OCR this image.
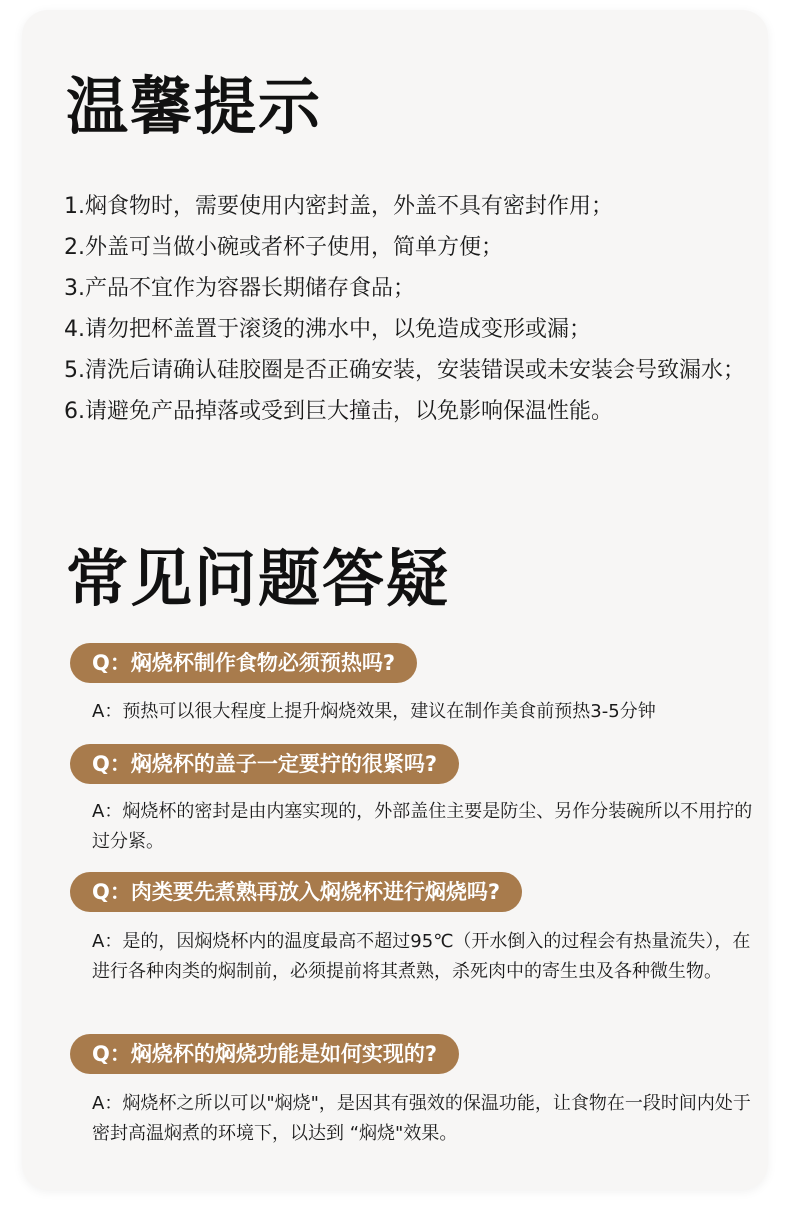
温馨提示
1.焖食物时，需要使用内密封盖，外盖不具有密封作用；
2.外盖可当做小碗或者杯子使用，简单方便；
3.产品不宜作为容器长期储存食品；
4.请勿把杯盖置于滚烫的沸水中，以免造成变形或漏；
5.清洗后请确认硅胶圈是否正确安装，安装错误或未安装会号致漏水；
6.请避免产品掉落或受到巨大撞击，以免影响保温性能。
常见问题答疑
Q：焖烧杯制作食物必须预热吗?
A：预热可以很大程度上提升焖烧效果，建议在制作美食前预热3-5分钟
Q：焖烧杯的盖子一定要拧的很紧吗?
A：焖烧杯的密封是由内塞实现的，外部盖住主要是防尘、另作分装碗所以不用拧的过分紧。
Q：肉类要先煮熟再放入焖烧杯进行焖烧吗?
A：是的，因焖烧杯内的温度最高不超过95℃（开水倒入的过程会有热量流失），在进行各种肉类的焖制前，必须提前将其煮熟，杀死肉中的寄生虫及各种微生物。
Q：焖烧杯的焖烧功能是如何实现的?
A：焖烧杯之所以可以"焖烧"，是因其有强效的保温功能，让食物在一段时间内处于密封高温焖煮的环境下，以达到 “焖烧"效果。
